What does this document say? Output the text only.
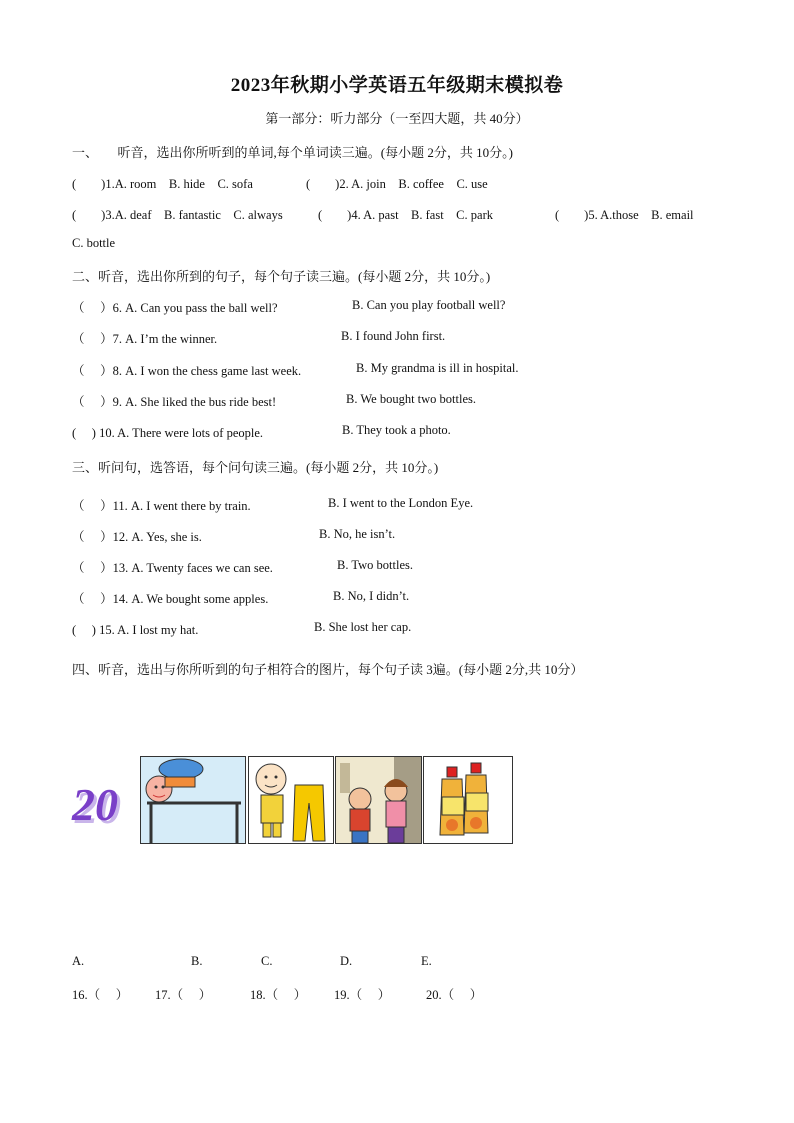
2023年秋期小学英语五年级期末模拟卷
第一部分：听力部分（一至四大题，共 40分）
一、　　听音，选出你所听到的单词,每个单词读三遍。(每小题 2分，共 10分。)
(　　)1.A. room　B. hide　C. sofa	(　　)2. A. join　B. coffee　C. use
(　　)3.A. deaf　B. fantastic　C. always	(　　)4. A. past　B. fast　C. park	(　　)5. A.those　B. email
C. bottle
二、听音，选出你所到的句子，每个句子读三遍。(每小题 2分，共 10分。)
（　 ）6. A. Can you pass the ball well?	B. Can you play football well?
（　 ）7. A. I’m the winner.	B. I found John first.
（　 ）8. A. I won the chess game last week.	B. My grandma is ill in hospital.
（　 ）9. A. She liked the bus ride best!	B. We bought two bottles.
(　 ) 10. A. There were lots of people.	B. They took a photo.
三、听问句，选答语，每个问句读三遍。(每小题 2分，共 10分。)
（　 ）11. A. I went there by train.	B. I went to the London Eye.
（　 ）12. A. Yes, she is.	B. No, he isn’t.
（　 ）13. A. Twenty faces we can see.	B. Two bottles.
（　 ）14. A. We bought some apples.	B. No, I didn’t.
(　 ) 15. A. I lost my hat.	B. She lost her cap.
四、听音，选出与你所听到的句子相符合的图片，每个句子读 3遍。(每小题 2分,共 10分）
20
A.	B.	C.	D.	E.
16.（　 ） 17.（　 ）	18.（　 ） 19.（　 ）	20.（　 ）
